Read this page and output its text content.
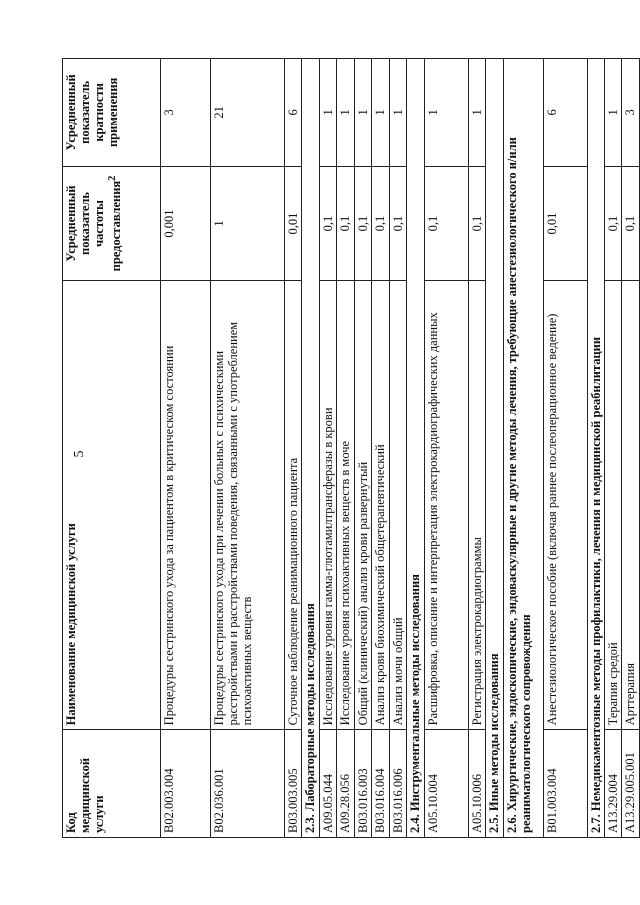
5
Код медицинской услуги	Наименование медицинской услуги	Усредненный показатель частоты предоставления$^2$	Усредненный показатель кратности применения
B02.003.004	Процедуры сестринского ухода за пациентом в критическом состоянии	0,001	3
B02.036.001	Процедуры сестринского ухода при лечении больных с психическими расстройствами и расстройствами поведения, связанными с употреблением психоактивных веществ	1	21
B03.003.005	Суточное наблюдение реанимационного пациента	0,01	6
2.3. Лабораторные методы исследования			
A09.05.044	Исследование уровня гамма-глютамилтрансферазы в крови	0,1	1
A09.28.056	Исследование уровня психоактивных веществ в моче	0,1	1
B03.016.003	Общий (клинический) анализ крови развернутый	0,1	1
B03.016.004	Анализ крови биохимический общетерапевтический	0,1	1
B03.016.006	Анализ мочи общий	0,1	1
2.4. Инструментальные методы исследования			
A05.10.004	Расшифровка, описание и интерпретация электрокардиографических данных	0,1	1
A05.10.006	Регистрация электрокардиограммы	0,1	1
2.5. Иные методы исследования			
2.6. Хирургические, эндоскопические, эндоваскулярные и другие методы лечения, требующие анестезиологического и/или реаниматологического сопровождения			
B01.003.004	Анестезиологическое пособие (включая раннее послеоперационное ведение)	0,01	6
2.7. Немедикаментозные методы профилактики, лечения и медицинской реабилитации			
A13.29.004	Терапия средой	0,1	1
A13.29.005.001	Арттерапия	0,1	3
